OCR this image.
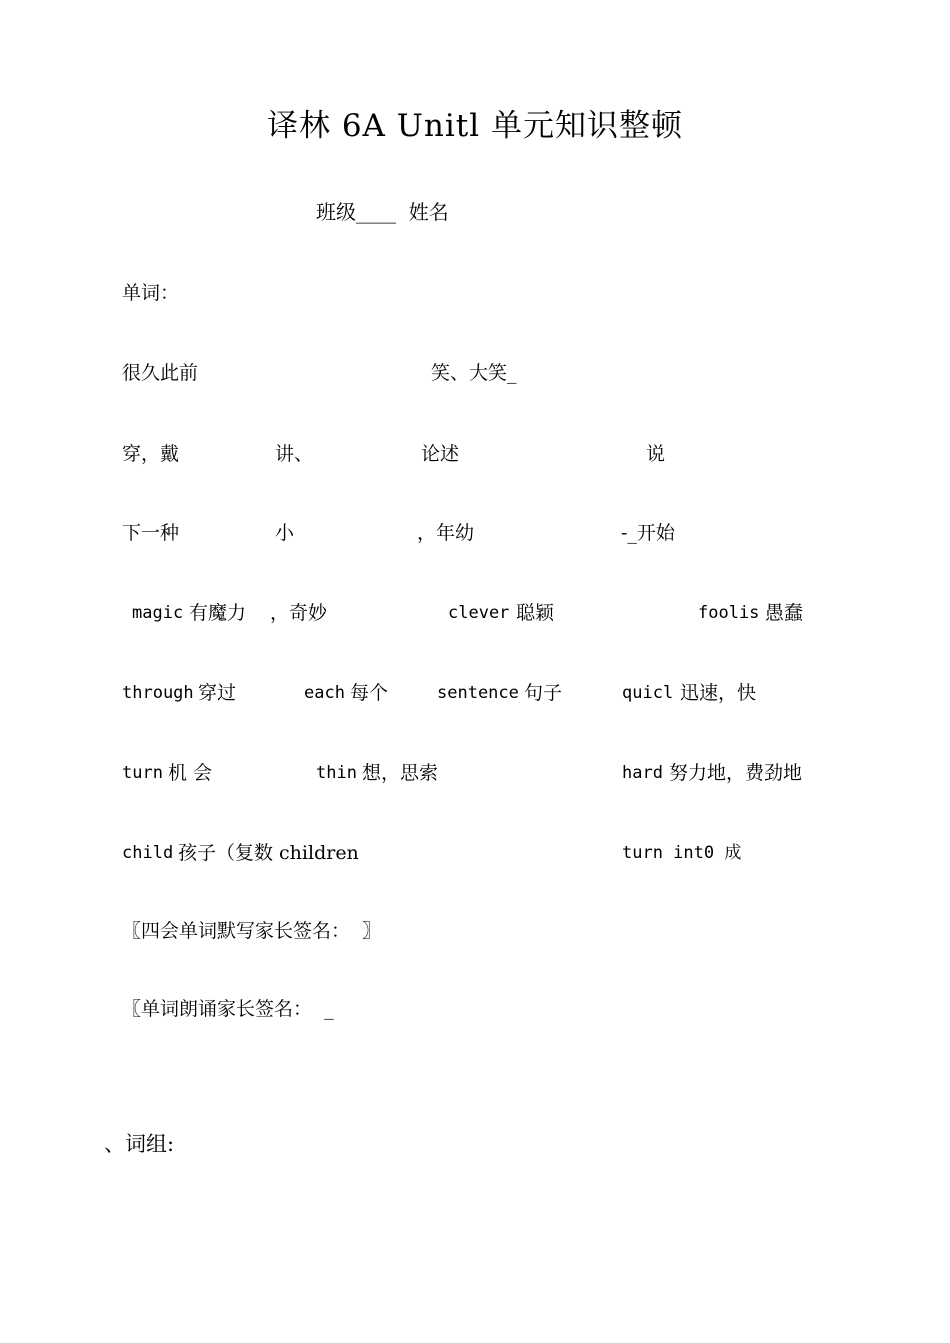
译林 6A Unitl 单元知识整顿
班级____  姓名
单词：
很久此前	笑、大笑_
穿，戴	讲、	论述	说
下一种	小	，年幼	-_开始
magic 有魔力 ，奇妙	clever 聪颖	foolis 愚蠢
through 穿过	each 每个	sentence 句子	quicl 迅速，快
turn 机 会	thin 想，思索	hard 努力地，费劲地
child 孩子（复数 children	turn int0 成
〖四会单词默写家长签名：  〗
〖单词朗诵家长签名：  _
、词组:
